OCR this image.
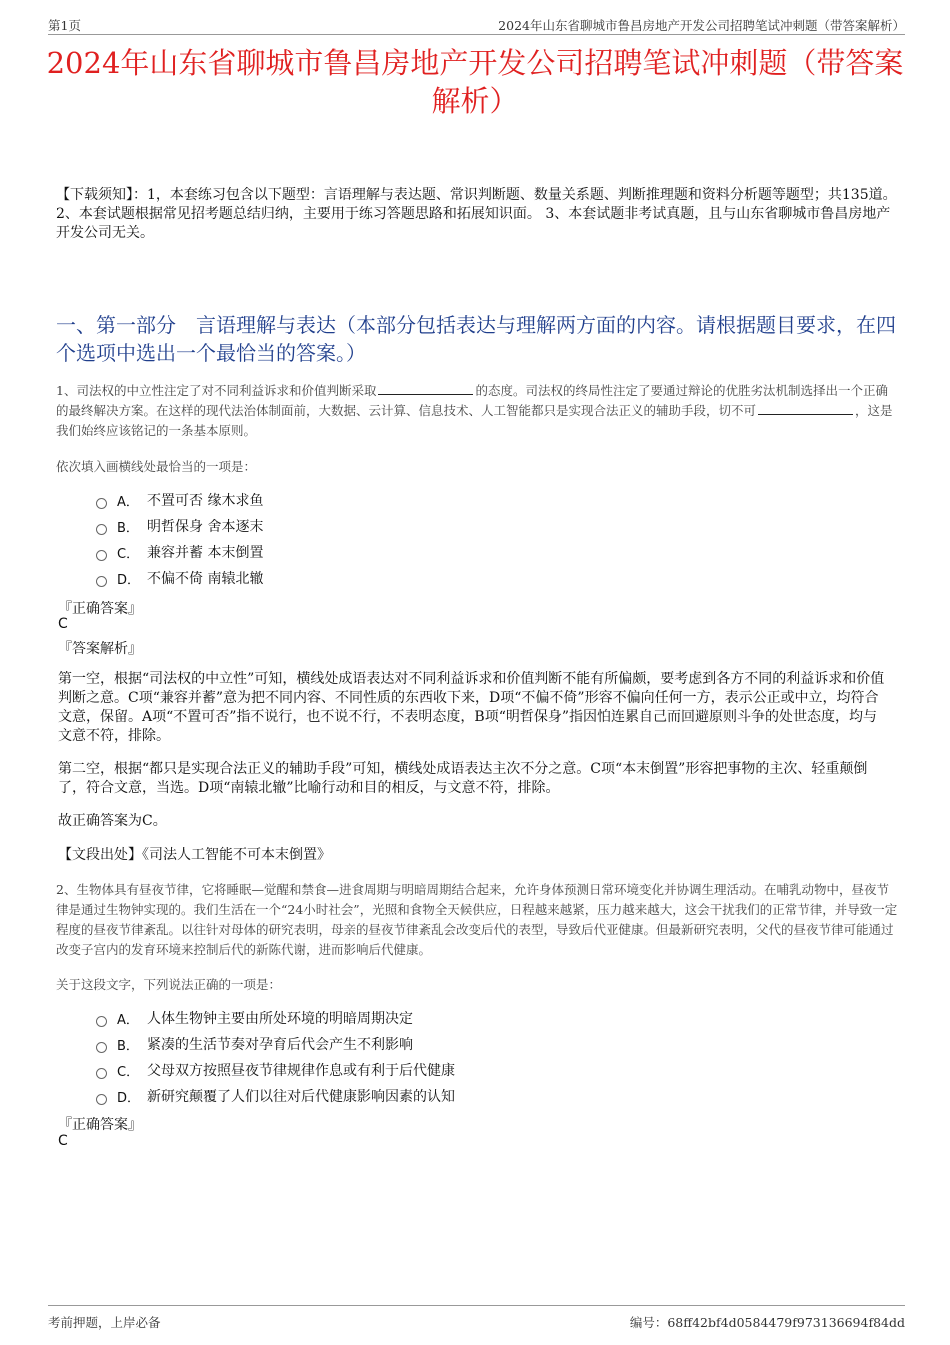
第1页	2024年山东省聊城市鲁昌房地产开发公司招聘笔试冲刺题（带答案解析）
2024年山东省聊城市鲁昌房地产开发公司招聘笔试冲刺题（带答案解析）
【下载须知】：1，本套练习包含以下题型：言语理解与表达题、常识判断题、数量关系题、判断推理题和资料分析题等题型；共135道。 2、本套试题根据常见招考题总结归纳，主要用于练习答题思路和拓展知识面。 3、本套试题非考试真题，且与山东省聊城市鲁昌房地产开发公司无关。
一、第一部分　言语理解与表达（本部分包括表达与理解两方面的内容。请根据题目要求，在四个选项中选出一个最恰当的答案。）
1、司法权的中立性注定了对不同利益诉求和价值判断采取	的态度。司法权的终局性注定了要通过辩论的优胜劣汰机制选择出一个正确的最终解决方案。在这样的现代法治体制面前，大数据、云计算、信息技术、人工智能都只是实现合法正义的辅助手段，切不可	，这是我们始终应该铭记的一条基本原则。
依次填入画横线处最恰当的一项是：
A． 不置可否 缘木求鱼
B． 明哲保身 舍本逐末
C． 兼容并蓄 本末倒置
D． 不偏不倚 南辕北辙
『正确答案』
C
『答案解析』
第一空，根据“司法权的中立性”可知，横线处成语表达对不同利益诉求和价值判断不能有所偏颇，要考虑到各方不同的利益诉求和价值判断之意。C项“兼容并蓄”意为把不同内容、不同性质的东西收下来，D项“不偏不倚”形容不偏向任何一方，表示公正或中立，均符合文意，保留。A项“不置可否”指不说行，也不说不行，不表明态度，B项“明哲保身”指因怕连累自己而回避原则斗争的处世态度，均与文意不符，排除。
第二空，根据“都只是实现合法正义的辅助手段”可知，横线处成语表达主次不分之意。C项“本末倒置”形容把事物的主次、轻重颠倒了，符合文意，当选。D项“南辕北辙”比喻行动和目的相反，与文意不符，排除。
故正确答案为C。
【文段出处】《司法人工智能不可本末倒置》
2、生物体具有昼夜节律，它将睡眠—觉醒和禁食—进食周期与明暗周期结合起来，允许身体预测日常环境变化并协调生理活动。在哺乳动物中，昼夜节律是通过生物钟实现的。我们生活在一个“24小时社会”，光照和食物全天候供应，日程越来越紧，压力越来越大，这会干扰我们的正常节律，并导致一定程度的昼夜节律紊乱。以往针对母体的研究表明，母亲的昼夜节律紊乱会改变后代的表型，导致后代亚健康。但最新研究表明，父代的昼夜节律可能通过改变子宫内的发育环境来控制后代的新陈代谢，进而影响后代健康。
关于这段文字，下列说法正确的一项是：
A． 人体生物钟主要由所处环境的明暗周期决定
B． 紧凑的生活节奏对孕育后代会产生不利影响
C． 父母双方按照昼夜节律规律作息或有利于后代健康
D． 新研究颠覆了人们以往对后代健康影响因素的认知
『正确答案』
C
考前押题，上岸必备	编号：68ff42bf4d0584479f973136694f84dd
